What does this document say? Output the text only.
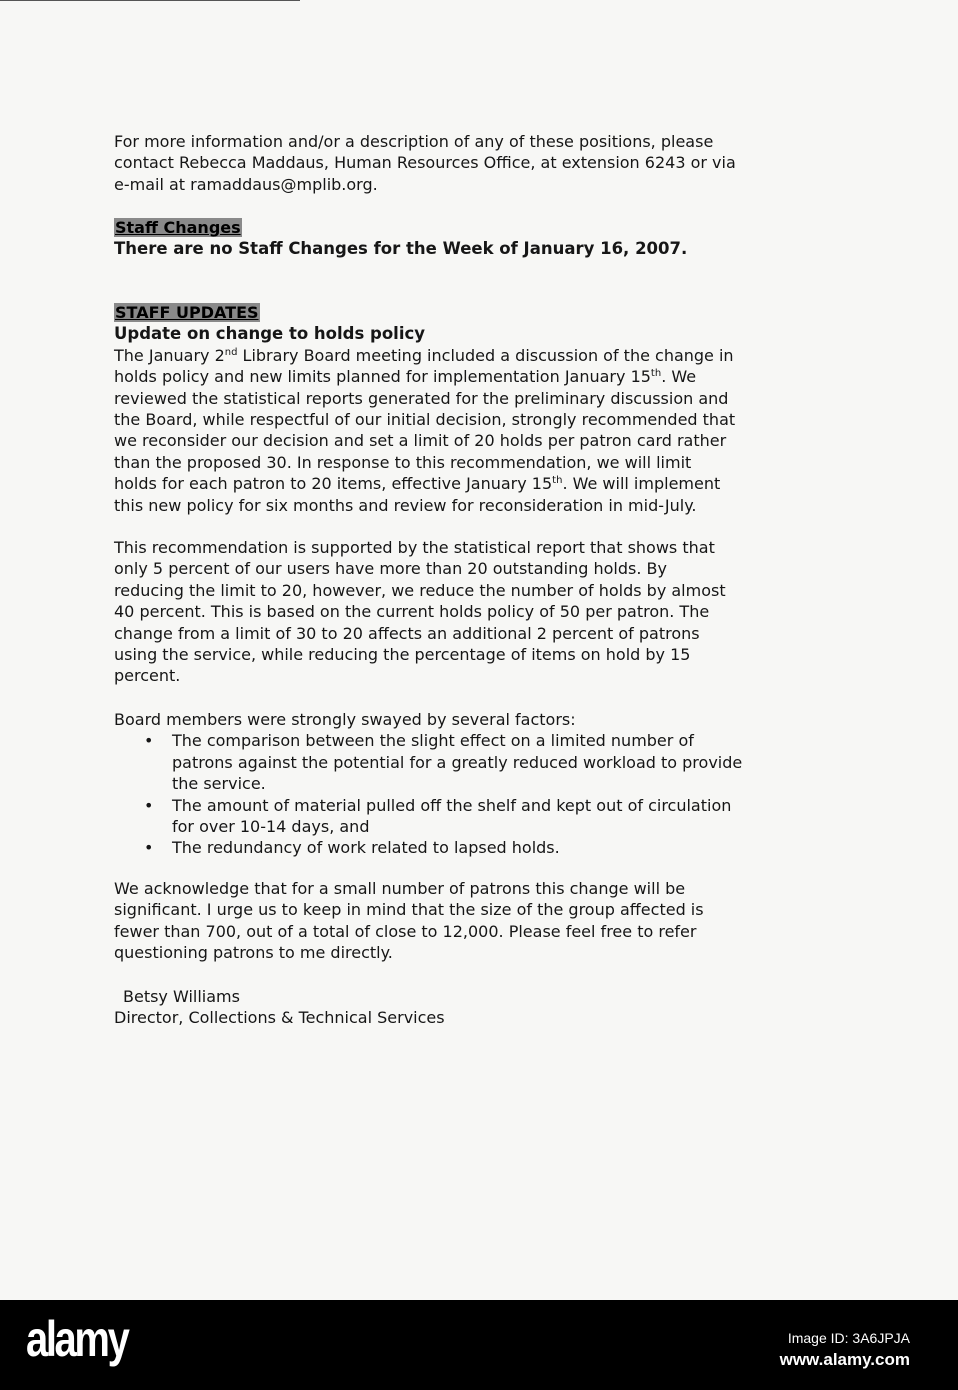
For more information and/or a description of any of these positions, please
contact Rebecca Maddaus, Human Resources Office, at extension 6243 or via
e-mail at ramaddaus@mplib.org.
Staff Changes
There are no Staff Changes for the Week of January 16, 2007.
STAFF UPDATES
Update on change to holds policy
The January 2nd Library Board meeting included a discussion of the change in
holds policy and new limits planned for implementation January 15th. We
reviewed the statistical reports generated for the preliminary discussion and
the Board, while respectful of our initial decision, strongly recommended that
we reconsider our decision and set a limit of 20 holds per patron card rather
than the proposed 30. In response to this recommendation, we will limit
holds for each patron to 20 items, effective January 15th. We will implement
this new policy for six months and review for reconsideration in mid-July.
This recommendation is supported by the statistical report that shows that
only 5 percent of our users have more than 20 outstanding holds. By
reducing the limit to 20, however, we reduce the number of holds by almost
40 percent. This is based on the current holds policy of 50 per patron. The
change from a limit of 30 to 20 affects an additional 2 percent of patrons
using the service, while reducing the percentage of items on hold by 15
percent.
Board members were strongly swayed by several factors:
• The comparison between the slight effect on a limited number of
patrons against the potential for a greatly reduced workload to provide
the service.
• The amount of material pulled off the shelf and kept out of circulation
for over 10-14 days, and
• The redundancy of work related to lapsed holds.
We acknowledge that for a small number of patrons this change will be
significant. I urge us to keep in mind that the size of the group affected is
fewer than 700, out of a total of close to 12,000. Please feel free to refer
questioning patrons to me directly.
Betsy Williams
Director, Collections & Technical Services
alamy	Image ID: 3A6JPJA
www.alamy.com
